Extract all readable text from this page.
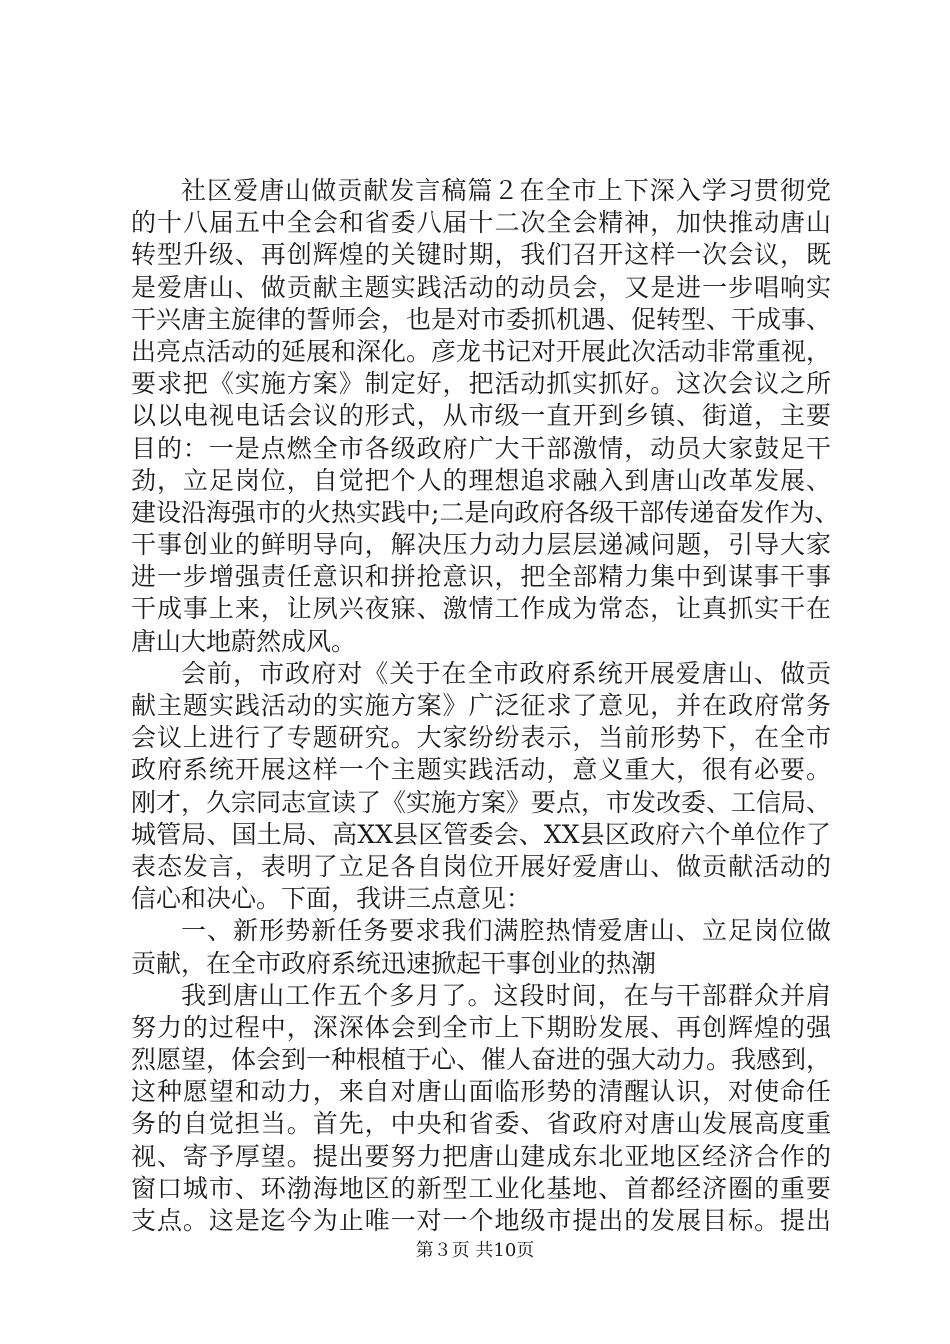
社区爱唐山做贡献发言稿篇２在全市上下深入学习贯彻党
的十八届五中全会和省委八届十二次全会精神，加快推动唐山
转型升级、再创辉煌的关键时期，我们召开这样一次会议，既
是爱唐山、做贡献主题实践活动的动员会，又是进一步唱响实
干兴唐主旋律的誓师会，也是对市委抓机遇、促转型、干成事、
出亮点活动的延展和深化。彦龙书记对开展此次活动非常重视，
要求把《实施方案》制定好，把活动抓实抓好。这次会议之所
以以电视电话会议的形式，从市级一直开到乡镇、街道，主要
目的：一是点燃全市各级政府广大干部激情，动员大家鼓足干
劲，立足岗位，自觉把个人的理想追求融入到唐山改革发展、
建设沿海强市的火热实践中;二是向政府各级干部传递奋发作为、
干事创业的鲜明导向，解决压力动力层层递减问题，引导大家
进一步增强责任意识和拼抢意识，把全部精力集中到谋事干事
干成事上来，让夙兴夜寐、激情工作成为常态，让真抓实干在
唐山大地蔚然成风。
会前，市政府对《关于在全市政府系统开展爱唐山、做贡
献主题实践活动的实施方案》广泛征求了意见，并在政府常务
会议上进行了专题研究。大家纷纷表示，当前形势下，在全市
政府系统开展这样一个主题实践活动，意义重大，很有必要。
刚才，久宗同志宣读了《实施方案》要点，市发改委、工信局、
城管局、国土局、高XX县区管委会、XX县区政府六个单位作了
表态发言，表明了立足各自岗位开展好爱唐山、做贡献活动的
信心和决心。下面，我讲三点意见：
一、新形势新任务要求我们满腔热情爱唐山、立足岗位做
贡献，在全市政府系统迅速掀起干事创业的热潮
我到唐山工作五个多月了。这段时间，在与干部群众并肩
努力的过程中，深深体会到全市上下期盼发展、再创辉煌的强
烈愿望，体会到一种根植于心、催人奋进的强大动力。我感到，
这种愿望和动力，来自对唐山面临形势的清醒认识，对使命任
务的自觉担当。首先，中央和省委、省政府对唐山发展高度重
视、寄予厚望。提出要努力把唐山建成东北亚地区经济合作的
窗口城市、环渤海地区的新型工业化基地、首都经济圈的重要
支点。这是迄今为止唯一对一个地级市提出的发展目标。提出
第３页 共10页
